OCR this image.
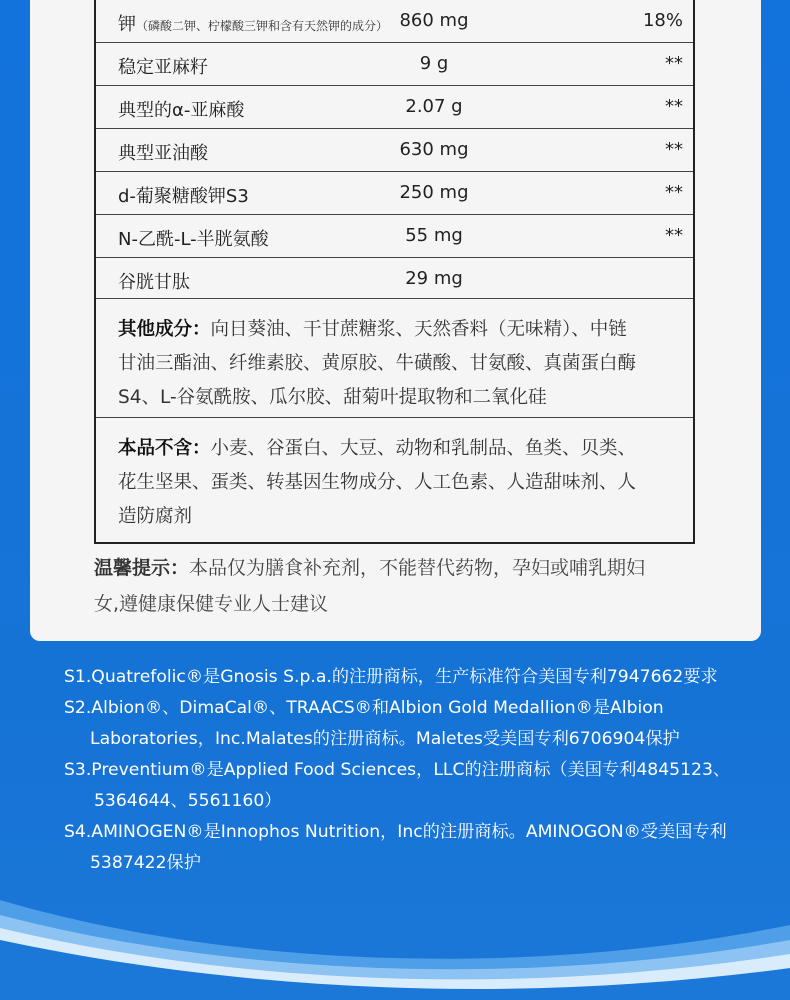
钾（磷酸二钾、柠檬酸三钾和含有天然钾的成分） 860 mg	18%
稳定亚麻籽	9 g	**
典型的α-亚麻酸	2.07 g	**
典型亚油酸	630 mg	**
d-葡聚糖酸钾S3	250 mg	**
N-乙酰-L-半胱氨酸	55 mg	**
谷胱甘肽	29 mg
其他成分：向日葵油、干甘蔗糖浆、天然香料（无味精）、中链
甘油三酯油、纤维素胶、黄原胶、牛磺酸、甘氨酸、真菌蛋白酶
S4、L-谷氨酰胺、瓜尔胶、甜菊叶提取物和二氧化硅
本品不含：小麦、谷蛋白、大豆、动物和乳制品、鱼类、贝类、
花生坚果、蛋类、转基因生物成分、人工色素、人造甜味剂、人
造防腐剂
温馨提示：本品仅为膳食补充剂，不能替代药物，孕妇或哺乳期妇
女,遵健康保健专业人士建议
S1.Quatrefolic®是Gnosis S.p.a.的注册商标，生产标准符合美国专利7947662要求
S2.Albion®、DimaCal®、TRAACS®和Albion Gold Medallion®是Albion
Laboratories，Inc.Malates的注册商标。Maletes受美国专利6706904保护
S3.Preventium®是Applied Food Sciences，LLC的注册商标（美国专利4845123、
5364644、5561160）
S4.AMINOGEN®是Innophos Nutrition，Inc的注册商标。AMINOGON®受美国专利
5387422保护
